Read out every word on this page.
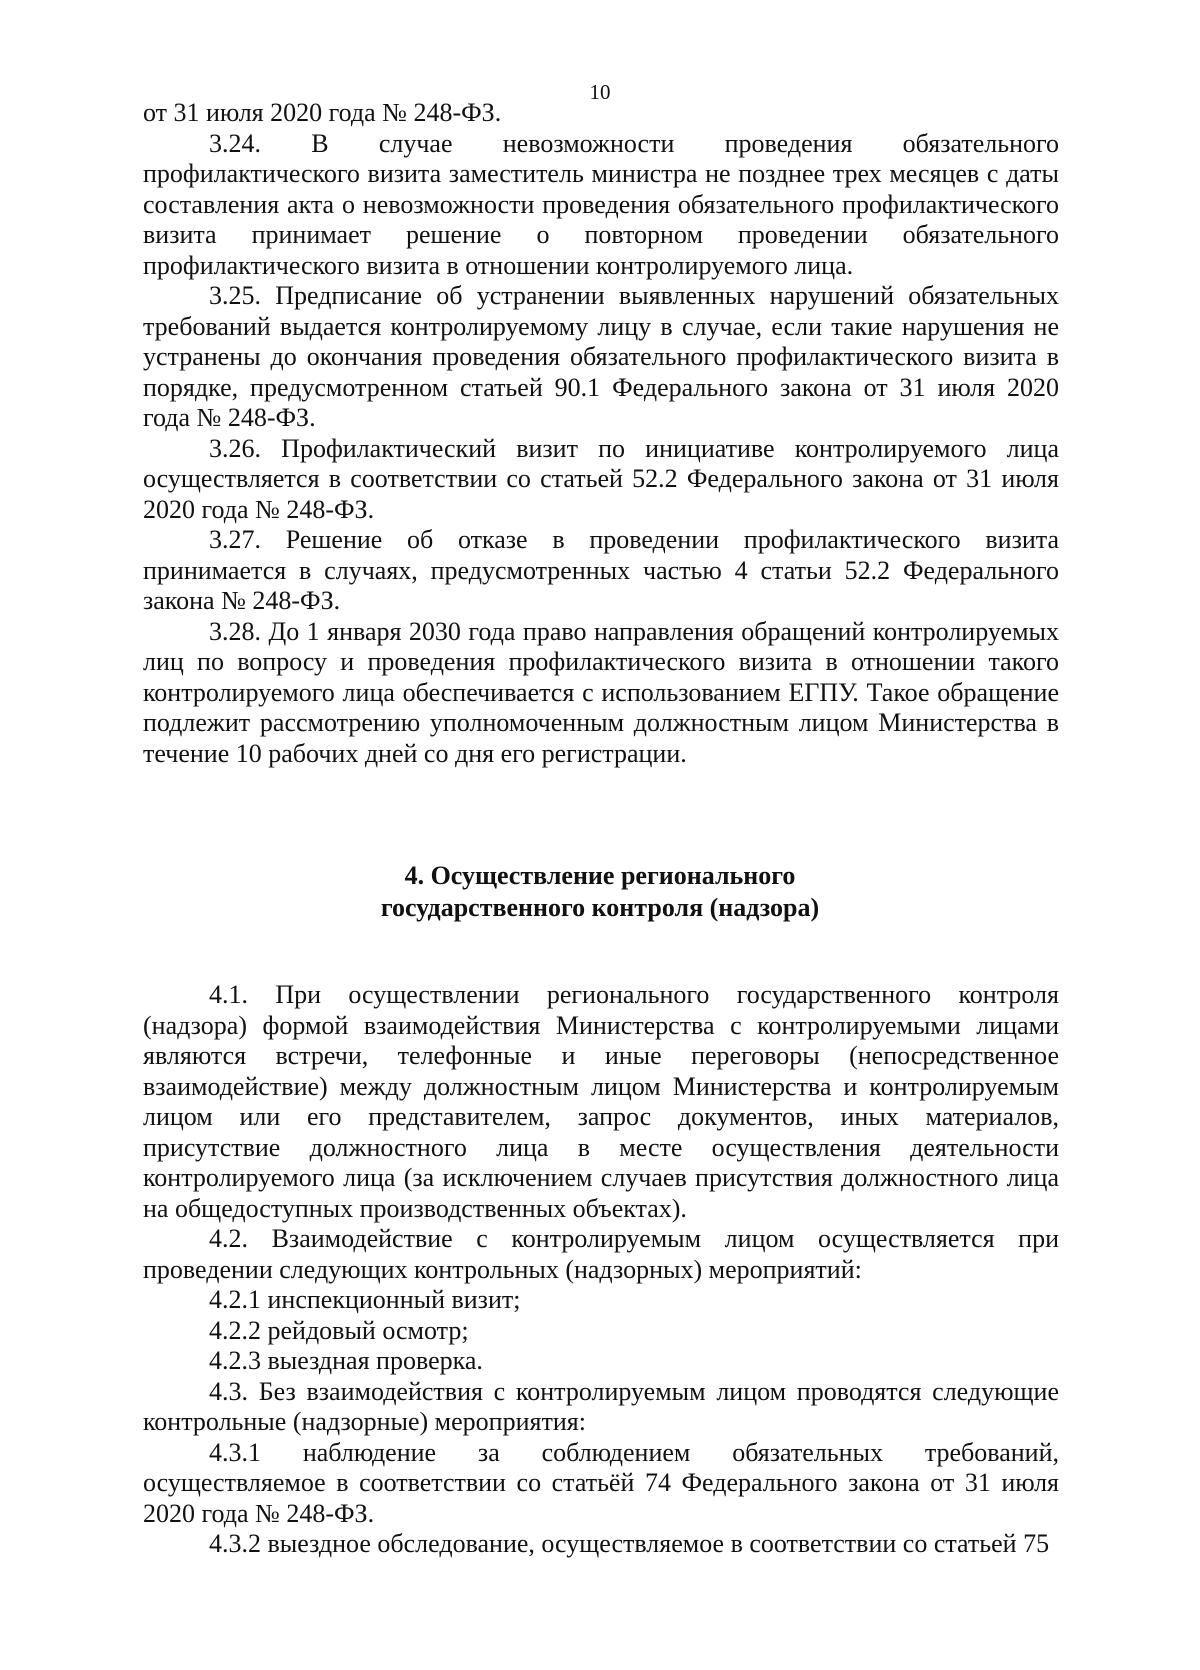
10

от 31 июля 2020 года № 248-ФЗ.

3.24. В случае невозможности проведения обязательного профилактического визита заместитель министра не позднее трех месяцев с даты составления акта о невозможности проведения обязательного профилактического визита принимает решение о повторном проведении обязательного профилактического визита в отношении контролируемого лица.

3.25. Предписание об устранении выявленных нарушений обязательных требований выдается контролируемому лицу в случае, если такие нарушения не устранены до окончания проведения обязательного профилактического визита в порядке, предусмотренном статьей 90.1 Федерального закона от 31 июля 2020 года № 248-ФЗ.

3.26. Профилактический визит по инициативе контролируемого лица осуществляется в соответствии со статьей 52.2 Федерального закона от 31 июля 2020 года № 248-ФЗ.

3.27. Решение об отказе в проведении профилактического визита принимается в случаях, предусмотренных частью 4 статьи 52.2 Федерального закона № 248-ФЗ.

3.28. До 1 января 2030 года право направления обращений контролируемых лиц по вопросу и проведения профилактического визита в отношении такого контролируемого лица обеспечивается с использованием ЕГПУ. Такое обращение подлежит рассмотрению уполномоченным должностным лицом Министерства в течение 10 рабочих дней со дня его регистрации.

4. Осуществление регионального
государственного контроля (надзора)

4.1. При осуществлении регионального государственного контроля (надзора) формой взаимодействия Министерства с контролируемыми лицами являются встречи, телефонные и иные переговоры (непосредственное взаимодействие) между должностным лицом Министерства и контролируемым лицом или его представителем, запрос документов, иных материалов, присутствие должностного лица в месте осуществления деятельности контролируемого лица (за исключением случаев присутствия должностного лица на общедоступных производственных объектах).

4.2. Взаимодействие с контролируемым лицом осуществляется при проведении следующих контрольных (надзорных) мероприятий:

4.2.1 инспекционный визит;

4.2.2 рейдовый осмотр;

4.2.3 выездная проверка.

4.3. Без взаимодействия с контролируемым лицом проводятся следующие контрольные (надзорные) мероприятия:

4.3.1 наблюдение за соблюдением обязательных требований, осуществляемое в соответствии со статьёй 74 Федерального закона от 31 июля 2020 года № 248-ФЗ.

4.3.2 выездное обследование, осуществляемое в соответствии со статьей 75
